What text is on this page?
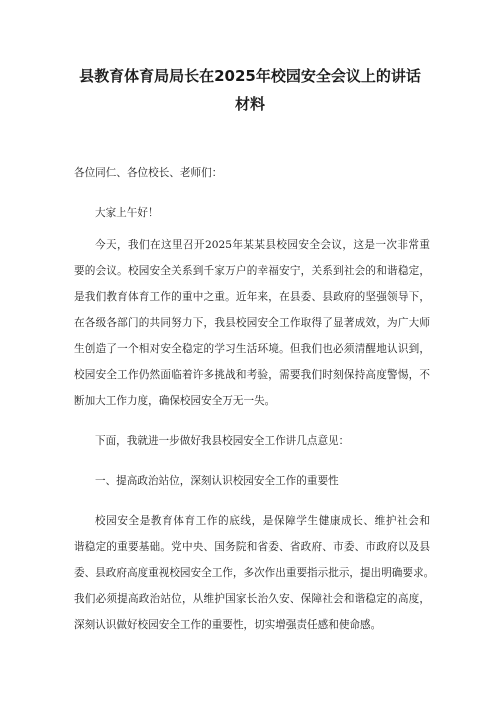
县教育体育局局长在2025年校园安全会议上的讲话
材料

各位同仁、各位校长、老师们：

大家上午好！

今天，我们在这里召开2025年某某县校园安全会议，这是一次非常重
要的会议。校园安全关系到千家万户的幸福安宁，关系到社会的和谐稳定，
是我们教育体育工作的重中之重。近年来，在县委、县政府的坚强领导下，
在各级各部门的共同努力下，我县校园安全工作取得了显著成效，为广大师
生创造了一个相对安全稳定的学习生活环境。但我们也必须清醒地认识到，
校园安全工作仍然面临着许多挑战和考验，需要我们时刻保持高度警惕，不
断加大工作力度，确保校园安全万无一失。

下面，我就进一步做好我县校园安全工作讲几点意见：

一、提高政治站位，深刻认识校园安全工作的重要性

校园安全是教育体育工作的底线，是保障学生健康成长、维护社会和
谐稳定的重要基础。党中央、国务院和省委、省政府、市委、市政府以及县
委、县政府高度重视校园安全工作，多次作出重要指示批示，提出明确要求。
我们必须提高政治站位，从维护国家长治久安、保障社会和谐稳定的高度，
深刻认识做好校园安全工作的重要性，切实增强责任感和使命感。
